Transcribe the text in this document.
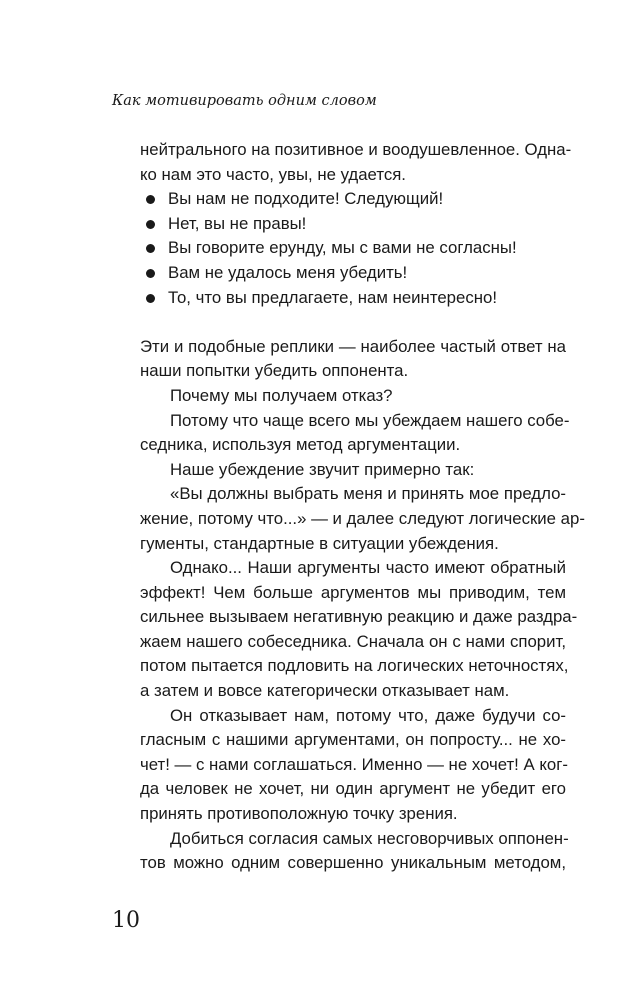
Как мотивировать одним словом
нейтрального на позитивное и воодушевленное. Одна-
ко нам это часто, увы, не удается.
Вы нам не подходите! Следующий!
Нет, вы не правы!
Вы говорите ерунду, мы с вами не согласны!
Вам не удалось меня убедить!
То, что вы предлагаете, нам неинтересно!
Эти и подобные реплики — наиболее частый ответ на
наши попытки убедить оппонента.
Почему мы получаем отказ?
Потому что чаще всего мы убеждаем нашего собе-
седника, используя метод аргументации.
Наше убеждение звучит примерно так:
«Вы должны выбрать меня и принять мое предло-
жение, потому что...» — и далее следуют логические ар-
гументы, стандартные в ситуации убеждения.
Однако... Наши аргументы часто имеют обратный
эффект! Чем больше аргументов мы приводим, тем
сильнее вызываем негативную реакцию и даже раздра-
жаем нашего собеседника. Сначала он с нами спорит,
потом пытается подловить на логических неточностях,
а затем и вовсе категорически отказывает нам.
Он отказывает нам, потому что, даже будучи со-
гласным с нашими аргументами, он попросту... не хо-
чет! — с нами соглашаться. Именно — не хочет! А ког-
да человек не хочет, ни один аргумент не убедит его
принять противоположную точку зрения.
Добиться согласия самых несговорчивых оппонен-
тов можно одним совершенно уникальным методом,
10
